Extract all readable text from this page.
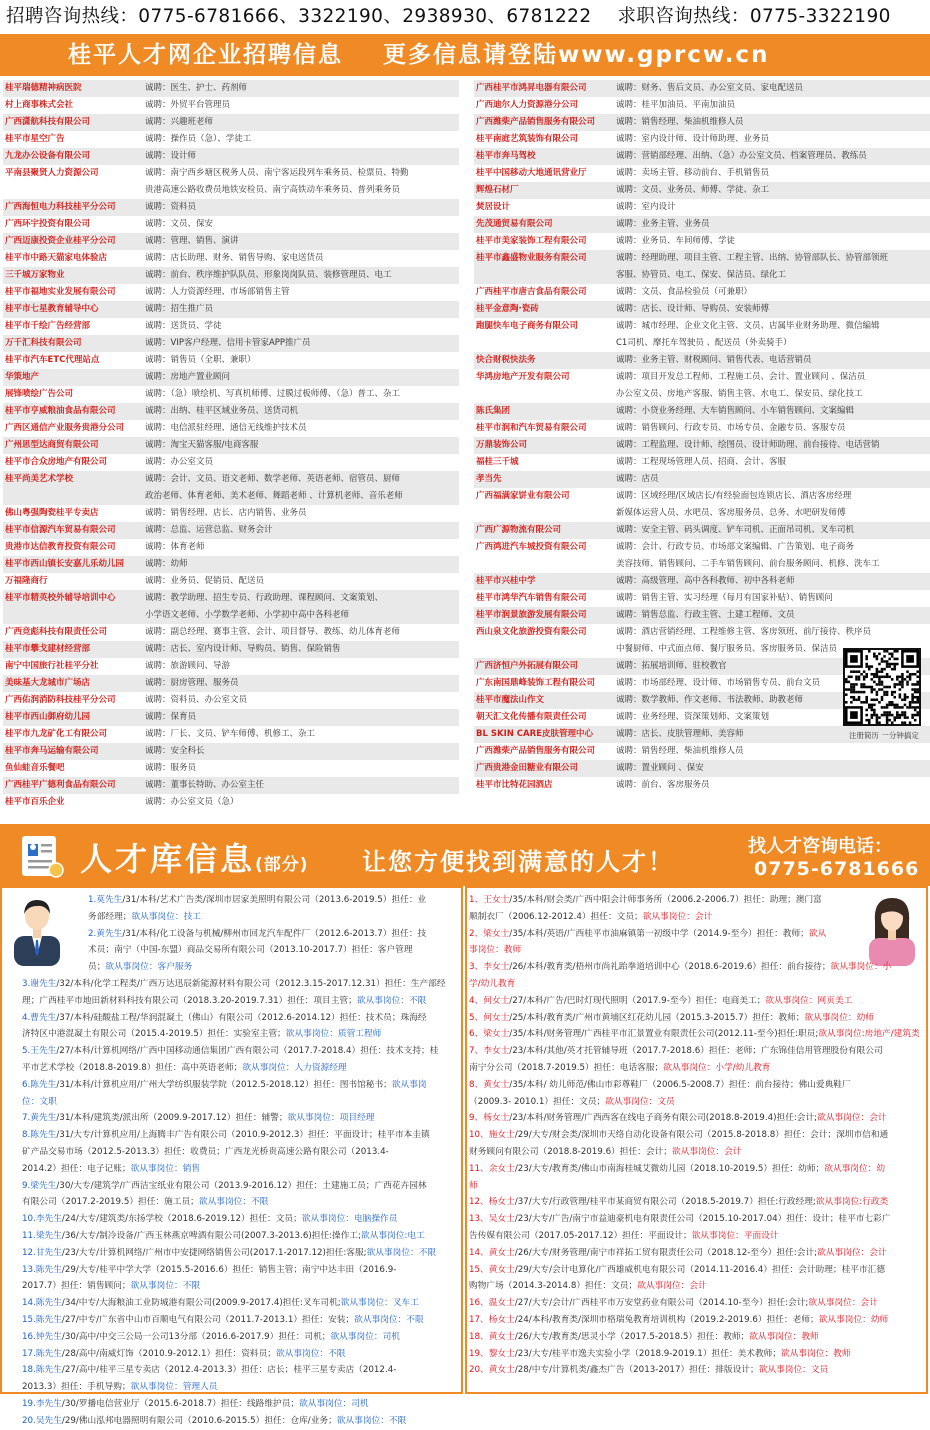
招聘咨询热线：0775-6781666、3322190、2938930、6781222 求职咨询热线：0775-3322190
桂平人才网企业招聘信息 更多信息请登陆www.gprcw.cn
桂平瑞德精神病医院	诚聘：医生、护士、药剂师
村上商事株式会社	诚聘：外贸平台管理员
广西潇航科技有限公司	诚聘：兴趣班老师
桂平市星空广告	诚聘：操作员（急）、学徒工
九龙办公设备有限公司	诚聘：设计师
平南县聚贤人力资源公司	诚聘：南宁西乡塘区税务人员、南宁客运段列车乘务员、检票员、特勤
贵港高速公路收费员地铁安检员、南宁高铁动车乘务员、普列乘务员
广西海恒电力科技桂平分公司	诚聘：资料员
广西环宇投资有限公司	诚聘：文员、保安
广西迈康投资企业桂平分公司	诚聘：管理、销售、演讲
桂平市中路天猫家电体验店	诚聘：店长助理、财务、销售导购、家电送货员
三千城万家物业	诚聘：前台、秩序维护队队员、形象岗岗队员、装修管理员、电工
桂平市福地实业发展有限公司	诚聘：人力资源经理、市场部销售主管
桂平市七星教育辅导中心	诚聘：招生推广员
桂平市千绘广告经营部	诚聘：送货员、学徒
万千汇科技有限公司	诚聘：VIP客户经理、信用卡管家APP推广员
桂平市汽车ETC代理站点	诚聘：销售员（全职、兼职）
华策地产	诚聘：房地产置业顾问
展锋喷绘广告公司	诚聘：（急）喷绘机、写真机师傅、过膜过板师傅、（急）普工、杂工
桂平市亨威粮油食品有限公司	诚聘：出纳、桂平区域业务员、送货司机
广西区通信产业服务贵港分公司	诚聘：电信派驻经理、通信无线维护技术员
广州思型达商贸有限公司	诚聘：淘宝天猫客服/电商客服
桂平市合众房地产有限公司	诚聘：办公室文员
桂平尚美艺术学校	诚聘：会计、文员、语文老师、数学老师、英语老师、宿管员、厨师
政治老师、体育老师、美术老师、舞蹈老师 、计算机老师、音乐老师
佛山粤强陶瓷桂平专卖店	诚聘：销售经理、店长、店内销售、业务员
桂平市信源汽车贸易有限公司	诚聘：总监、运营总监、财务会计
贵港市达信教育投资有限公司	诚聘：体育老师
桂平市西山镇长安嘉儿乐幼儿园	诚聘：幼师
万福隆商行	诚聘：业务员、促销员、配送员
桂平市精英校外辅导培训中心	诚聘：教学助理、招生专员、行政助理、课程顾问、文案策划、
小学语文老师、小学数学老师、小学初中高中各科老师
广西竞彪科技有限责任公司	诚聘：副总经理、赛事主管、会计、项目督导、教练、幼儿体育老师
桂平市攀戈建材经营部	诚聘：店长、室内设计师、导购员、销售、保险销售
南宁中国旅行社桂平分社	诚聘：旅游顾问、导游
美味基大龙城市广场店	诚聘：厨房管理、服务员
广西佑润消防科技桂平分公司	诚聘：资料员、办公室文员
桂平市西山御府幼儿园	诚聘：保育员
桂平市九龙矿化工有限公司	诚聘：厂长、文员、铲车师傅、机修工、杂工
桂平市奔马运输有限公司	诚聘：安全科长
鱼仙蛙音乐餐吧	诚聘：服务员
广西桂平广德利食品有限公司	诚聘：董事长特助、办公室主任
桂平市百乐企业	诚聘：办公室文员（急）
广西桂平市鸿昇电器有限公司	诚聘：财务、售后文员、办公室文员、家电配送员
广西迪尔人力资源港分公司	诚聘：桂平加油员、平南加油员
广西潍柴产品销售服务有限公司	诚聘：销售经理、柴油机维修人员
桂平南庭艺筑装饰有限公司	诚聘：室内设计师、设计师助理、业务员
桂平市奔马驾校	诚聘：营销部经理、出纳、（急）办公室文员、档案管理员、教练员
桂平中国移动大地通讯营业厅	诚聘：卖场主管、移动前台、手机销售员
辉煌石材厂	诚聘：文员、业务员、师傅、学徒、杂工
焚居设计	诚聘：室内设计
先茂通贸易有限公司	诚聘：业务主管、业务员
桂平市美家装饰工程有限公司	诚聘：业务员、车间师傅、学徒
桂平市鑫盛物业服务有限公司	诚聘：经理助理、项目主管、工程主管、出纳、协管部队长、协管部领班
客服、协管员、电工、保安、保洁员、绿化工
广西桂平市唐吉食品有限公司	诚聘：文员、食品检验员（可兼职）
桂平金意陶·瓷砖	诚聘：店长、设计师、导购员、安装师傅
跑腿快车电子商务有限公司	诚聘：城市经理、企业文化主管、文员、店属毕业财务助理、微信编辑
C1司机、摩托车驾驶员 、配送员（外卖骑手）
快合财税快法务	诚聘：业务主管、财税顾问、销售代表、电话营销员
华鸿房地产开发有限公司	诚聘：项目开发总工程师、工程施工员、会计、置业顾问 、保洁员
办公室文员、房地产客服、销售主管、水电工、保安员、绿化技工
陈氏集团	诚聘：小贷业务经理、大车销售顾问、小车销售顾问、文案编辑
桂平市润和汽车贸易有限公司	诚聘：销售顾问、行政专员、市场专员、金融专员、客服专员
万鼎装饰公司	诚聘：工程监理、设计师、绘图员、设计师助理、前台接待、电话营销
福桂三千城	诚聘：工程现场管理人员、招商、会计、客服
孝当先	诚聘：店员
广西福满家饼业有限公司	诚聘：区域经理/区域店长/有经验面包连锁店长、酒店客房经理
新媒体运营人员、水吧员、客房服务员、总务、水吧研发师傅
广西广源物流有限公司	诚聘：安全主管、码头调度、铲车司机、正面吊司机、叉车司机
广西鸿进汽车城投资有限公司	诚聘：会计、行政专员、市场部文案编辑、广告策划、电子商务
美容技师、销售顾问、二手车销售顾问、前台服务顾问、机修、洗车工
桂平市兴桂中学	诚聘：高级管理、高中各科教师、初中各科老师
桂平市鸿华汽车销售有限公司	诚聘：销售主管、实习经理（每月有国家补贴）、销售顾问
桂平市润景旅游发展有限公司	诚聘：销售总监、行政主管、土建工程师、文员
西山泉文化旅游投资有限公司	诚聘：酒店营销经理、工程维修主管、客房领班、前厅接待、秩序员
中餐厨师、中式面点师、餐厅服务员、客房服务员、保洁员
广西济恒户外拓展有限公司	诚聘：拓展培训师、驻校教官
广东南国鼎峰装饰工程有限公司	诚聘：市场部经理、设计师、市场销售专员、前台文员
桂平市魔法山作文	诚聘：数学教师、作文老师、书法教师、助教老师
朝天汇文化传播有限责任公司	诚聘：业务经理、资深策划师、文案策划
BL SKIN CARE皮肤管理中心	诚聘：店长、皮肤管理师、美容师
广西潍柴产品销售服务有限公司	诚聘：销售经理、柴油机维修人员
广西贵港金田糖业有限公司	诚聘：置业顾问 、保安
桂平市比特花园酒店	诚聘：前台、客房服务员
注册简历 一分钟搞定
人才库信息(部分) 让您方便找到满意的人才！
找人才咨询电话：
0775-6781666
1.莫先生/31/本科/艺术广告类/深圳市居家美照明有限公司（2013.6-2019.5）担任：业
务部经理；欲从事岗位：技工
2.黄先生/31/本科/化工设备与机械/柳州市回龙汽车配件厂（2012.6-2013.7）担任：技
术员；南宁（中国-东盟）商品交易所有限公司（2013.10-2017.7）担任：客户管理
员；欲从事岗位：客户服务
3.谢先生/32/本科/化学工程类/广西万达迅辰新能源材料有限公司（2012.3.15-2017.12.31）担任：生产部经
理；广西桂平市地田新材料科技有限公司（2018.3.20-2019.7.31）担任：项目主管；欲从事岗位：不限
4.曹先生/37/本科/硅酸盐工程/华润混凝土（佛山）有限公司（2012.6-2014.12）担任：技术员；珠海经
济特区中港混凝土有限公司（2015.4-2019.5）担任：实验室主管；欲从事岗位：质管工程师
5.王先生/27/本科/计算机网络/广西中国移动通信集团广西有限公司（2017.7-2018.4）担任：技术支持；桂
平市艺术学校（2018.8-2019.8）担任：高中英语老师；欲从事岗位：人力资源经理
6.陈先生/31/本科/计算机应用/广州大学纺织服装学院（2012.5-2018.12）担任：图书馆秘书；欲从事岗
位：文职
7.黄先生/31/本科/建筑类/派出所（2009.9-2017.12）担任：辅警；欲从事岗位：项目经理
8.陈先生/31/大专/计算机应用/上海腾丰广告有限公司（2010.9-2012.3）担任：平面设计；桂平市本圭镇
矿产品交易市场（2012.5-2013.3）担任：收费员；广西龙光桥贵高速公路有限公司（2013.4-
2014.2）担任：电子记账；欲从事岗位：销售
9.梁先生/30/大专/建筑学/广西洁宝纸业有限公司（2013.9-2016.12）担任：土建施工员；广西花卉园林
有限公司（2017.2-2019.5）担任：施工员；欲从事岗位：不限
10.李先生/24/大专/建筑类/东扬学校（2018.6-2019.12）担任：文员；欲从事岗位：电脑操作员
11.梁先生/36/大专/制冷设备/广西玉林燕京啤酒有限公司(2007.3-2013.6)担任:操作工;欲从事岗位:电工
12.甘先生/23/大专/计算机网络/广州市中安捷网络销售公司(2017.1-2017.12)担任:客服;欲从事岗位：不限
13.陈先生/29/大专/桂平中学大学（2015.5-2016.6）担任：销售主管；南宁中达丰田（2016.9-
2017.7）担任：销售顾问；欲从事岗位：不限
14.陈先生/34/中专/大海粮油工业防城港有限公司(2009.9-2017.4)担任:叉车司机;欲从事岗位：叉车工
15.陈先生/27/中专/广东省中山市百顺电气有限公司（2011.7-2013.1）担任：安装；欲从事岗位：不限
16.钟先生/30/高中/中交三公局一公司13分部（2016.6-2017.9）担任：司机；欲从事岗位：司机
17.陈先生/28/高中/南威灯饰（2010.9-2012.1）担任：资料员；欲从事岗位：不限
18.陈先生/27/高中/桂平三星专卖店（2012.4-2013.3）担任：店长；桂平三星专卖店（2012.4-
2013.3）担任：手机导购；欲从事岗位：管理人员
19.李先生/30/罗播电信营业厅（2015.6-2018.7）担任：线路维护员；欲从事岗位：司机
20.吴先生/29/佛山泓邦电器照明有限公司（2010.6-2015.5）担任：仓库/业务；欲从事岗位：不限
1、王女士/35/本科/财会类/广西中阳会计师事务所（2006.2-2006.7）担任：助理；澳门富
顺制衣厂（2006.12-2012.4）担任：文员；欲从事岗位：会计
2、梁女士/35/本科/英语/广西桂平市油麻镇第一初级中学（2014.9-至今）担任：教师；欲从
事岗位：教师
3、李女士/26/本科/教育类/梧州市尚礼跆拳道培训中心（2018.6-2019.6）担任：前台接待；欲从事岗位：小
学/幼儿教育
4、何女士/27/本科/广告/巴时灯现代照明（2017.9-至今）担任：电商美工；欲从事岗位：网页美工
5、何女士/25/本科/教育类/广州市黄埔区红花幼儿园（2015.3-2015.7）担任：教师；欲从事岗位：幼师
6、梁女士/35/本科/财务管理/广西桂平市汇景置业有限责任公司(2012.11-至今)担任:职员;欲从事岗位:房地产/建筑类
7、李女士/23/本科/其他/英才托管辅导班（2017.7-2018.6）担任：老师；广东锦佳信用管理股份有限公司
南宁分公司（2018.7-2019.5）担任：电话客服；欲从事岗位：小学/幼儿教育
8、黄女士/35/本科/ 幼儿师范/佛山市彩尊鞋厂（2006.5-2008.7）担任：前台接待；佛山爱典鞋厂
（2009.3- 2010.1）担任：文员；欲从事岗位：文员
9、杨女士/23/本科/财务管理/广西西客在线电子商务有限公司(2018.8-2019.4)担任:会计;欲从事岗位：会计
10、施女士/29/大专/财会类/深圳市天络自动化设备有限公司（2015.8-2018.8）担任：会计；深圳市信和通
财务顾问有限公司（2018.8-2019.6）担任：会计；欲从事岗位：会计
11、余女士/23/大专/教育类/佛山市南海桂城艾微幼儿园（2018.10-2019.5）担任：幼师；欲从事岗位：幼
师
12、杨女士/37/大专/行政管理/桂平市某商贸有限公司（2018.5-2019.7）担任:行政经理;欲从事岗位:行政类
13、吴女士/23/大专/广告/南宁市益迪豪机电有限责任公司（2015.10-2017.04）担任：设计；桂平市七彩广
告传媒有限公司（2017.05-2017.12）担任：平面设计；欲从事岗位：平面设计
14、黄女士/26/大专/财务管理/南宁市祥拓工贸有限责任公司（2018.12-至今）担任:会计;欲从事岗位：会计
15、黄女士/29/大专/会计电算化/广西雄威机电有限公司（2014.11-2016.4）担任：会计助理；桂平市汇德
购物广场（2014.3-2014.8）担任：文员；欲从事岗位：会计
16、温女士/27/大专/会计/广西桂平市万安堂药业有限公司（2014.10-至今）担任:会计;欲从事岗位：会计
17、杨女士/24/本科/教育类/深圳市格瑞兔教育培训机构（2019.2-2019.6）担任：老师；欲从事岗位：幼师
18、黄女士/26/大专/教育类/思灵小学（2017.5-2018.5）担任：教师；欲从事岗位：教师
19、黎女士/23/大专/桂平市逸夫实验小学（2018.9-2019.1）担任：美术教师；欲从事岗位：教师
20、黄女士/28/中专/计算机类/鑫杰广告（2013-2017）担任：排版设计；欲从事岗位：文员
